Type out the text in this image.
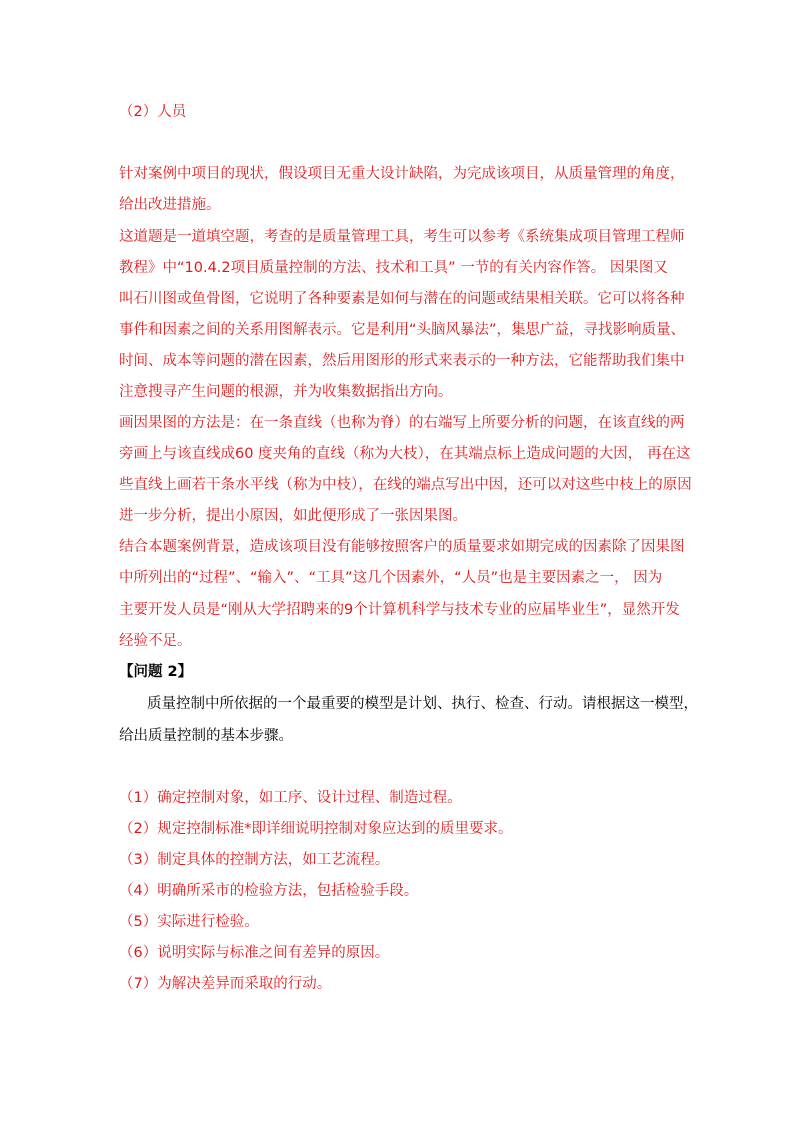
（2）人员
针对案例中项目的现状，假设项目无重大设计缺陷，为完成该项目，从质量管理的角度，
给出改进措施。
这道题是一道填空题，考查的是质量管理工具，考生可以参考《系统集成项目管理工程师
教程》中“10.4.2项目质量控制的方法、技术和工具” 一节的有关内容作答。 因果图又
叫石川图或鱼骨图，它说明了各种要素是如何与潜在的问题或结果相关联。它可以将各种
事件和因素之间的关系用图解表示。它是利用“头脑风暴法”，集思广益，寻找影响质量、
时间、成本等问题的潜在因素，然后用图形的形式来表示的一种方法，它能帮助我们集中
注意搜寻产生问题的根源，并为收集数据指出方向。
画因果图的方法是：在一条直线（也称为脊）的右端写上所要分析的问题，在该直线的两
旁画上与该直线成60 度夹角的直线（称为大枝），在其端点标上造成问题的大因， 再在这
些直线上画若干条水平线（称为中枝），在线的端点写出中因，还可以对这些中枝上的原因
进一步分析，提出小原因，如此便形成了一张因果图。
结合本题案例背景，造成该项目没有能够按照客户的质量要求如期完成的因素除了因果图
中所列出的“过程”、“输入”、“工具”这几个因素外，“人员”也是主要因素之一， 因为
主要开发人员是“刚从大学招聘来的9个计算机科学与技术专业的应届毕业生”，显然开发
经验不足。
【问题 2】
质量控制中所依据的一个最重要的模型是计划、执行、检查、行动。请根据这一模型，
给出质量控制的基本步骤。
（1）确定控制对象，如工序、设计过程、制造过程。
（2）规定控制标准*即详细说明控制对象应达到的质里要求。
（3）制定具体的控制方法，如工艺流程。
（4）明确所采市的检验方法，包括检验手段。
（5）实际进行检验。
（6）说明实际与标准之间有差异的原因。
（7）为解决差异而采取的行动。
